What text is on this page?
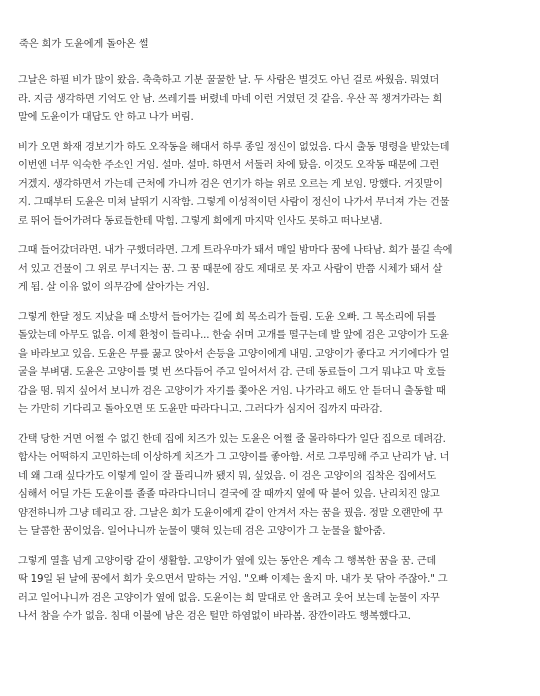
죽은 희가 도윤에게 돌아온 썰
그날은 하필 비가 많이 왔음. 축축하고 기분 꿀꿀한 날. 두 사람은 별것도 아닌 걸로 싸웠음. 뭐였더
라. 지금 생각하면 기억도 안 남. 쓰레기를 버렸네 마네 이런 거였던 것 같음. 우산 꼭 챙겨가라는 희
말에 도윤이가 대답도 안 하고 나가 버림.
비가 오면 화재 경보기가 하도 오작동을 해대서 하루 종일 정신이 없었음. 다시 출동 명령을 받았는데
이번엔 너무 익숙한 주소인 거임. 설마. 설마. 하면서 서둘러 차에 탔음. 이것도 오작동 때문에 그런
거겠지. 생각하면서 가는데 근처에 가니까 검은 연기가 하늘 위로 오르는 게 보임. 망했다. 거짓말이
지. 그때부터 도윤은 미쳐 날뛰기 시작함. 그렇게 이성적이던 사람이 정신이 나가서 무너져 가는 건물
로 뛰어 들어가려다 동료들한테 막힘. 그렇게 희에게 마지막 인사도 못하고 떠나보냄.
그때 들어갔더라면. 내가 구했더라면. 그게 트라우마가 돼서 매일 밤마다 꿈에 나타남. 희가 불길 속에
서 있고 건물이 그 위로 무너지는 꿈. 그 꿈 때문에 잠도 제대로 못 자고 사람이 반쯤 시체가 돼서 살
게 됨. 살 이유 없이 의무감에 살아가는 거임.
그렇게 한달 정도 지났을 때 소방서 들어가는 길에 희 목소리가 들림. 도윤 오빠. 그 목소리에 뒤를
돌았는데 아무도 없음. 이제 환청이 들리나... 한숨 쉬며 고개를 떨구는데 발 앞에 검은 고양이가 도윤
을 바라보고 있음. 도윤은 무릎 꿇고 앉아서 손등을 고양이에게 내밈. 고양이가 좋다고 거기에다가 얼
굴을 부벼댐. 도윤은 고양이를 몇 번 쓰다듬어 주고 일어서서 감. 근데 동료들이 그거 뭐냐고 막 호들
갑을 떰. 뭐지 싶어서 보니까 검은 고양이가 자기를 쫓아온 거임. 나가라고 해도 안 듣더니 출동할 때
는 가만히 기다리고 돌아오면 또 도윤만 따라다니고. 그러다가 심지어 집까지 따라감.
간택 당한 거면 어쩔 수 없긴 한데 집에 치즈가 있는 도윤은 어쩔 줄 몰라하다가 일단 집으로 데려감.
합사는 어떡하지 고민하는데 이상하게 치즈가 그 고양이를 좋아함. 서로 그루밍해 주고 난리가 남. 너
네 왜 그래 싶다가도 이렇게 일이 잘 풀리니까 됐지 뭐, 싶었음. 이 검은 고양이의 집착은 집에서도
심해서 어딜 가든 도윤이를 졸졸 따라다니더니 결국에 잘 때까지 옆에 딱 붙어 있음. 난리치진 않고
얌전하니까 그냥 데리고 잠. 그날은 희가 도윤이에게 같이 안겨서 자는 꿈을 꿨음. 정말 오랜만에 꾸
는 달콤한 꿈이었음. 일어나니까 눈물이 맺혀 있는데 검은 고양이가 그 눈물을 핥아줌.
그렇게 열흘 넘게 고양이랑 같이 생활함. 고양이가 옆에 있는 동안은 계속 그 행복한 꿈을 꿈. 근데
딱 19일 된 날에 꿈에서 희가 웃으면서 말하는 거임. "오빠 이제는 울지 마. 내가 못 닦아 주잖아." 그
러고 일어나니까 검은 고양이가 옆에 없음. 도윤이는 희 말대로 안 울려고 웃어 보는데 눈물이 자꾸
나서 참을 수가 없음. 침대 이불에 남은 검은 털만 하염없이 바라봄. 잠깐이라도 행복했다고.
